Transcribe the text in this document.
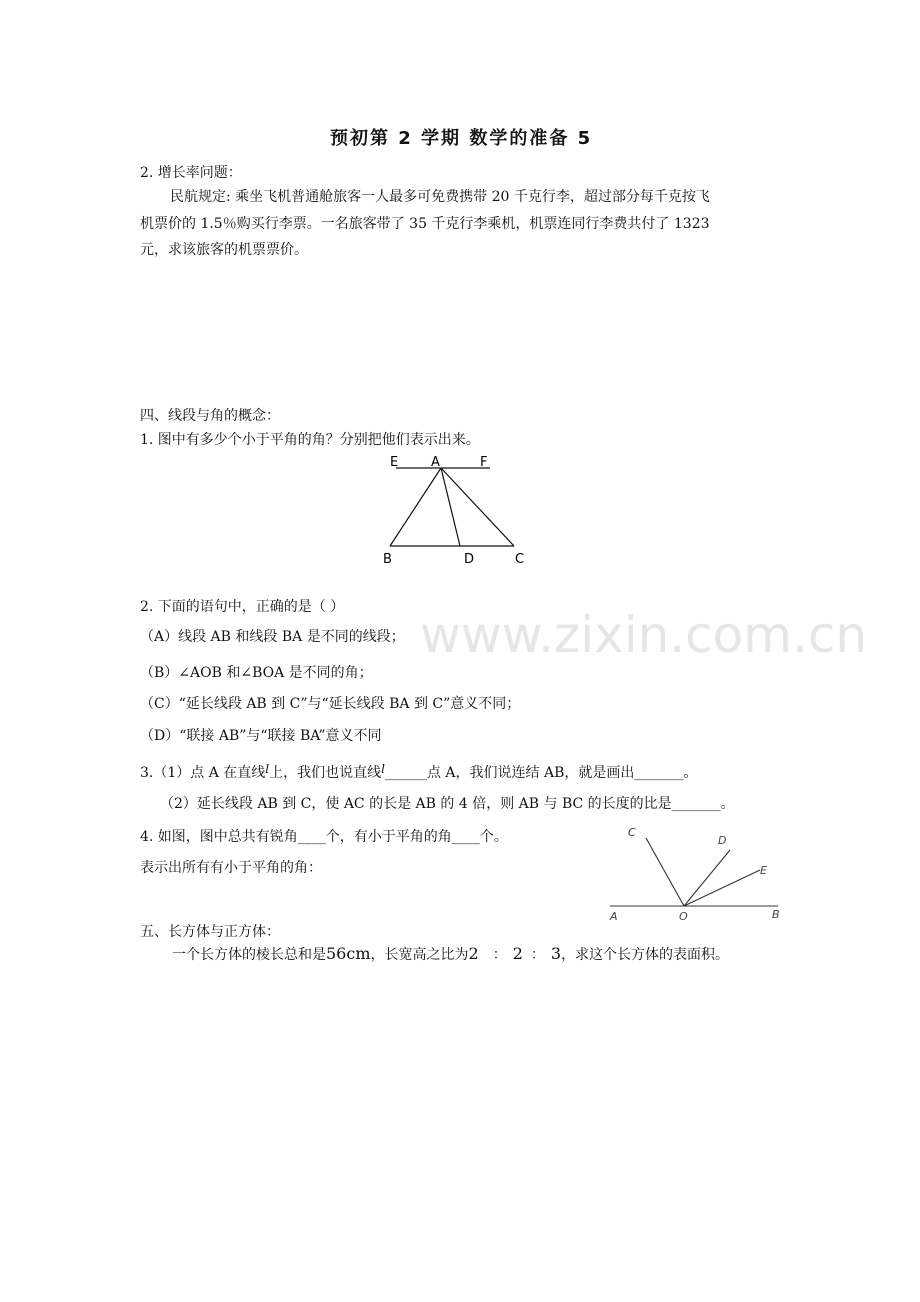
预初第 2 学期 数学的准备 5
2. 增长率问题：
民航规定: 乘坐飞机普通舱旅客一人最多可免费携带 20 千克行李，超过部分每千克按飞
机票价的 1.5％购买行李票。一名旅客带了 35 千克行李乘机，机票连同行李费共付了 1323
元，求该旅客的机票票价。
四、线段与角的概念：
1. 图中有多少个小于平角的角？分别把他们表示出来。
E	A	F
B	D	C
www.zixin.com.cn
2. 下面的语句中，正确的是（ ）
（A）线段 AB 和线段 BA 是不同的线段；
（B）∠AOB 和∠BOA 是不同的角；
（C）“延长线段 AB 到 C”与“延长线段 BA 到 C”意义不同；
（D）“联接 AB”与“联接 BA”意义不同
3.（1）点 A 在直线l上，我们也说直线l______点 A，我们说连结 AB，就是画出_______。
（2）延长线段 AB 到 C，使 AC 的长是 AB 的 4 倍，则 AB 与 BC 的长度的比是_______。
4. 如图，图中总共有锐角____个，有小于平角的角____个。
表示出所有有小于平角的角：
C
D
E
A	O	B
五、长方体与正方体：
一个长方体的棱长总和是56cm，长宽高之比为2 ： 2 ： 3，求这个长方体的表面积。
